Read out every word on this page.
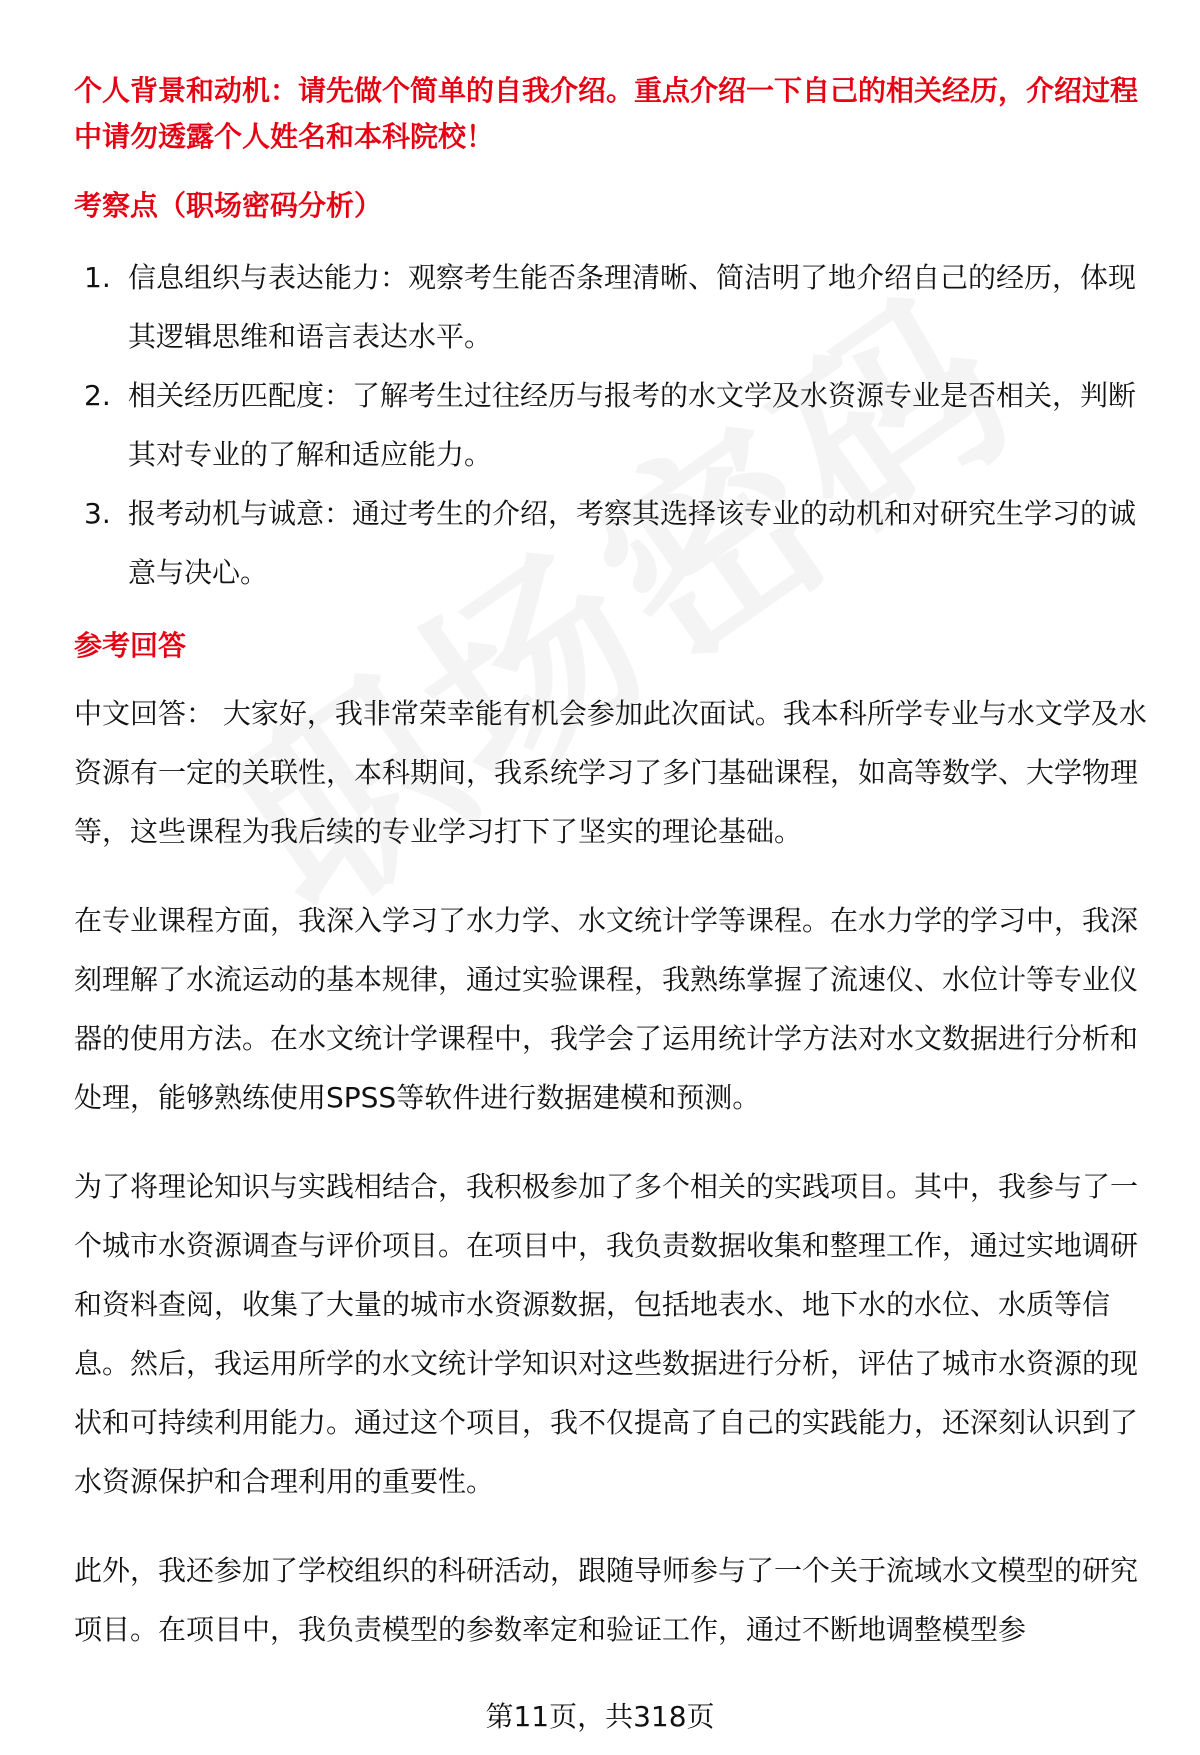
个人背景和动机：请先做个简单的自我介绍。重点介绍一下自己的相关经历，介绍过程中请勿透露个人姓名和本科院校！
考察点（职场密码分析）
1. 信息组织与表达能力：观察考生能否条理清晰、简洁明了地介绍自己的经历，体现其逻辑思维和语言表达水平。
2. 相关经历匹配度：了解考生过往经历与报考的水文学及水资源专业是否相关，判断其对专业的了解和适应能力。
3. 报考动机与诚意：通过考生的介绍，考察其选择该专业的动机和对研究生学习的诚意与决心。
参考回答

中文回答： 大家好，我非常荣幸能有机会参加此次面试。我本科所学专业与水文学及水资源有一定的关联性，本科期间，我系统学习了多门基础课程，如高等数学、大学物理等，这些课程为我后续的专业学习打下了坚实的理论基础。

在专业课程方面，我深入学习了水力学、水文统计学等课程。在水力学的学习中，我深刻理解了水流运动的基本规律，通过实验课程，我熟练掌握了流速仪、水位计等专业仪器的使用方法。在水文统计学课程中，我学会了运用统计学方法对水文数据进行分析和处理，能够熟练使用SPSS等软件进行数据建模和预测。

为了将理论知识与实践相结合，我积极参加了多个相关的实践项目。其中，我参与了一个城市水资源调查与评价项目。在项目中，我负责数据收集和整理工作，通过实地调研和资料查阅，收集了大量的城市水资源数据，包括地表水、地下水的水位、水质等信息。然后，我运用所学的水文统计学知识对这些数据进行分析，评估了城市水资源的现状和可持续利用能力。通过这个项目，我不仅提高了自己的实践能力，还深刻认识到了水资源保护和合理利用的重要性。

此外，我还参加了学校组织的科研活动，跟随导师参与了一个关于流域水文模型的研究项目。在项目中，我负责模型的参数率定和验证工作，通过不断地调整模型参

第11页，共318页
